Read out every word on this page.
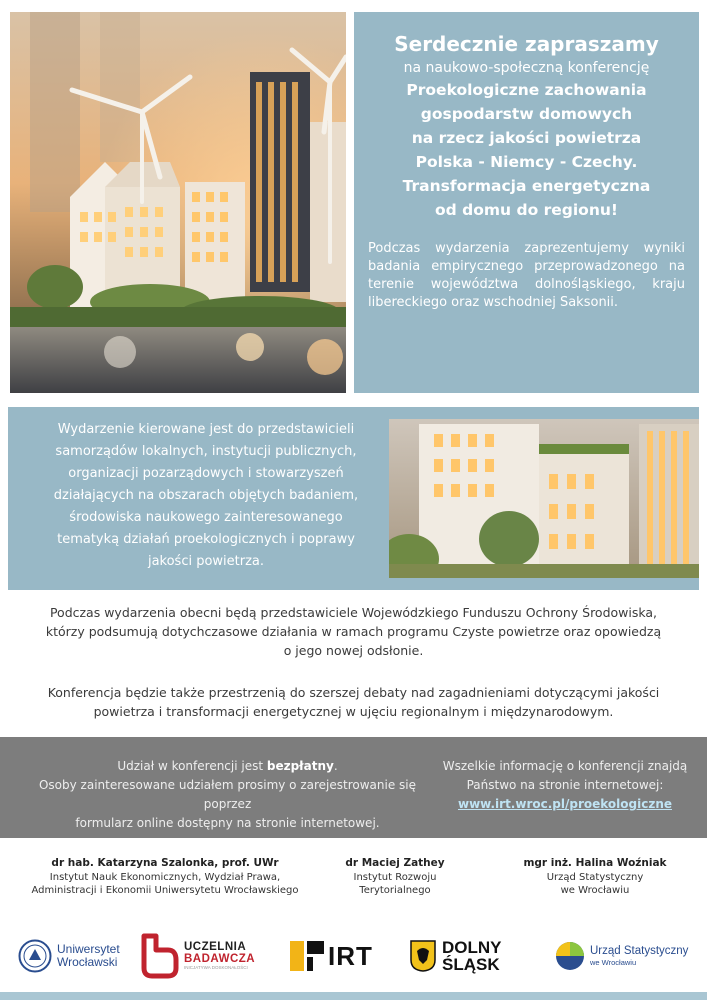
Serdecznie zapraszamy
na naukowo-społeczną konferencję
Proekologiczne zachowania
gospodarstw domowych
na rzecz jakości powietrza
Polska - Niemcy - Czechy.
Transformacja energetyczna
od domu do regionu!
Podczas wydarzenia zaprezentujemy wyniki badania empirycznego przeprowadzonego na terenie województwa dolnośląskiego, kraju libereckiego oraz wschodniej Saksonii.
Wydarzenie kierowane jest do przedstawicieli
samorządów lokalnych, instytucji publicznych,
organizacji pozarządowych i stowarzyszeń
działających na obszarach objętych badaniem,
środowiska naukowego zainteresowanego
tematyką działań proekologicznych i poprawy
jakości powietrza.
Podczas wydarzenia obecni będą przedstawiciele Wojewódzkiego Funduszu Ochrony Środowiska,
którzy podsumują dotychczasowe działania w ramach programu Czyste powietrze oraz opowiedzą
o jego nowej odsłonie.
Konferencja będzie także przestrzenią do szerszej debaty nad zagadnieniami dotyczącymi jakości
powietrza i transformacji energetycznej w ujęciu regionalnym i międzynarodowym.
Udział w konferencji jest bezpłatny.
Osoby zainteresowane udziałem prosimy o zarejestrowanie się poprzez
formularz online dostępny na stronie internetowej.
Wszelkie informację o konferencji znajdą
Państwo na stronie internetowej:
www.irt.wroc.pl/proekologiczne
dr hab. Katarzyna Szalonka, prof. UWr
Instytut Nauk Ekonomicznych, Wydział Prawa,
Administracji i Ekonomii Uniwersytetu Wrocławskiego
dr Maciej Zathey
Instytut Rozwoju
Terytorialnego
mgr inż. Halina Woźniak
Urząd Statystyczny
we Wrocławiu
Uniwersytet
Wrocławski
UCZELNIA
BADAWCZA
INICJATYWA DOSKONAŁOŚCI	IRT	DOLNY
ŚLĄSK
Urząd Statystyczny
we Wrocławiu
